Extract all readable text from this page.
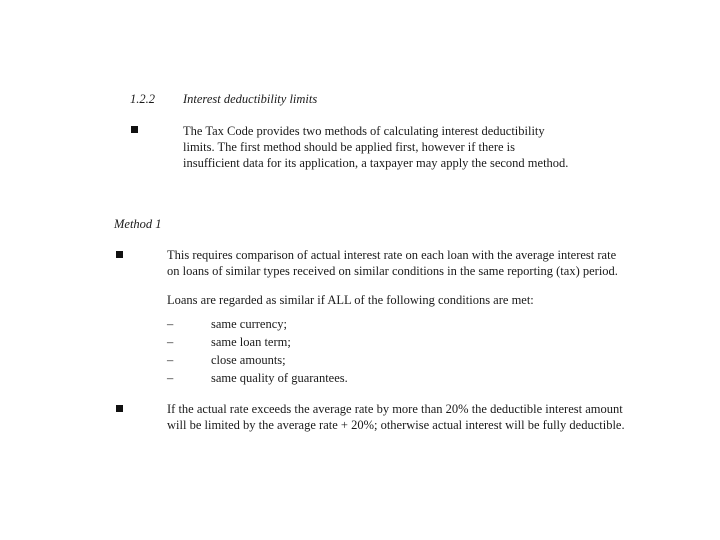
1.2.2 Interest deductibility limits
The Tax Code provides two methods of calculating interest deductibility
limits. The first method should be applied first, however if there is
insufficient data for its application, a taxpayer may apply the second method.
Method 1
This requires comparison of actual interest rate on each loan with the average interest rate
on loans of similar types received on similar conditions in the same reporting (tax) period.
Loans are regarded as similar if ALL of the following conditions are met:
–	same currency;
–	same loan term;
–	close amounts;
–	same quality of guarantees.
If the actual rate exceeds the average rate by more than 20% the deductible interest amount
will be limited by the average rate + 20%; otherwise actual interest will be fully deductible.
